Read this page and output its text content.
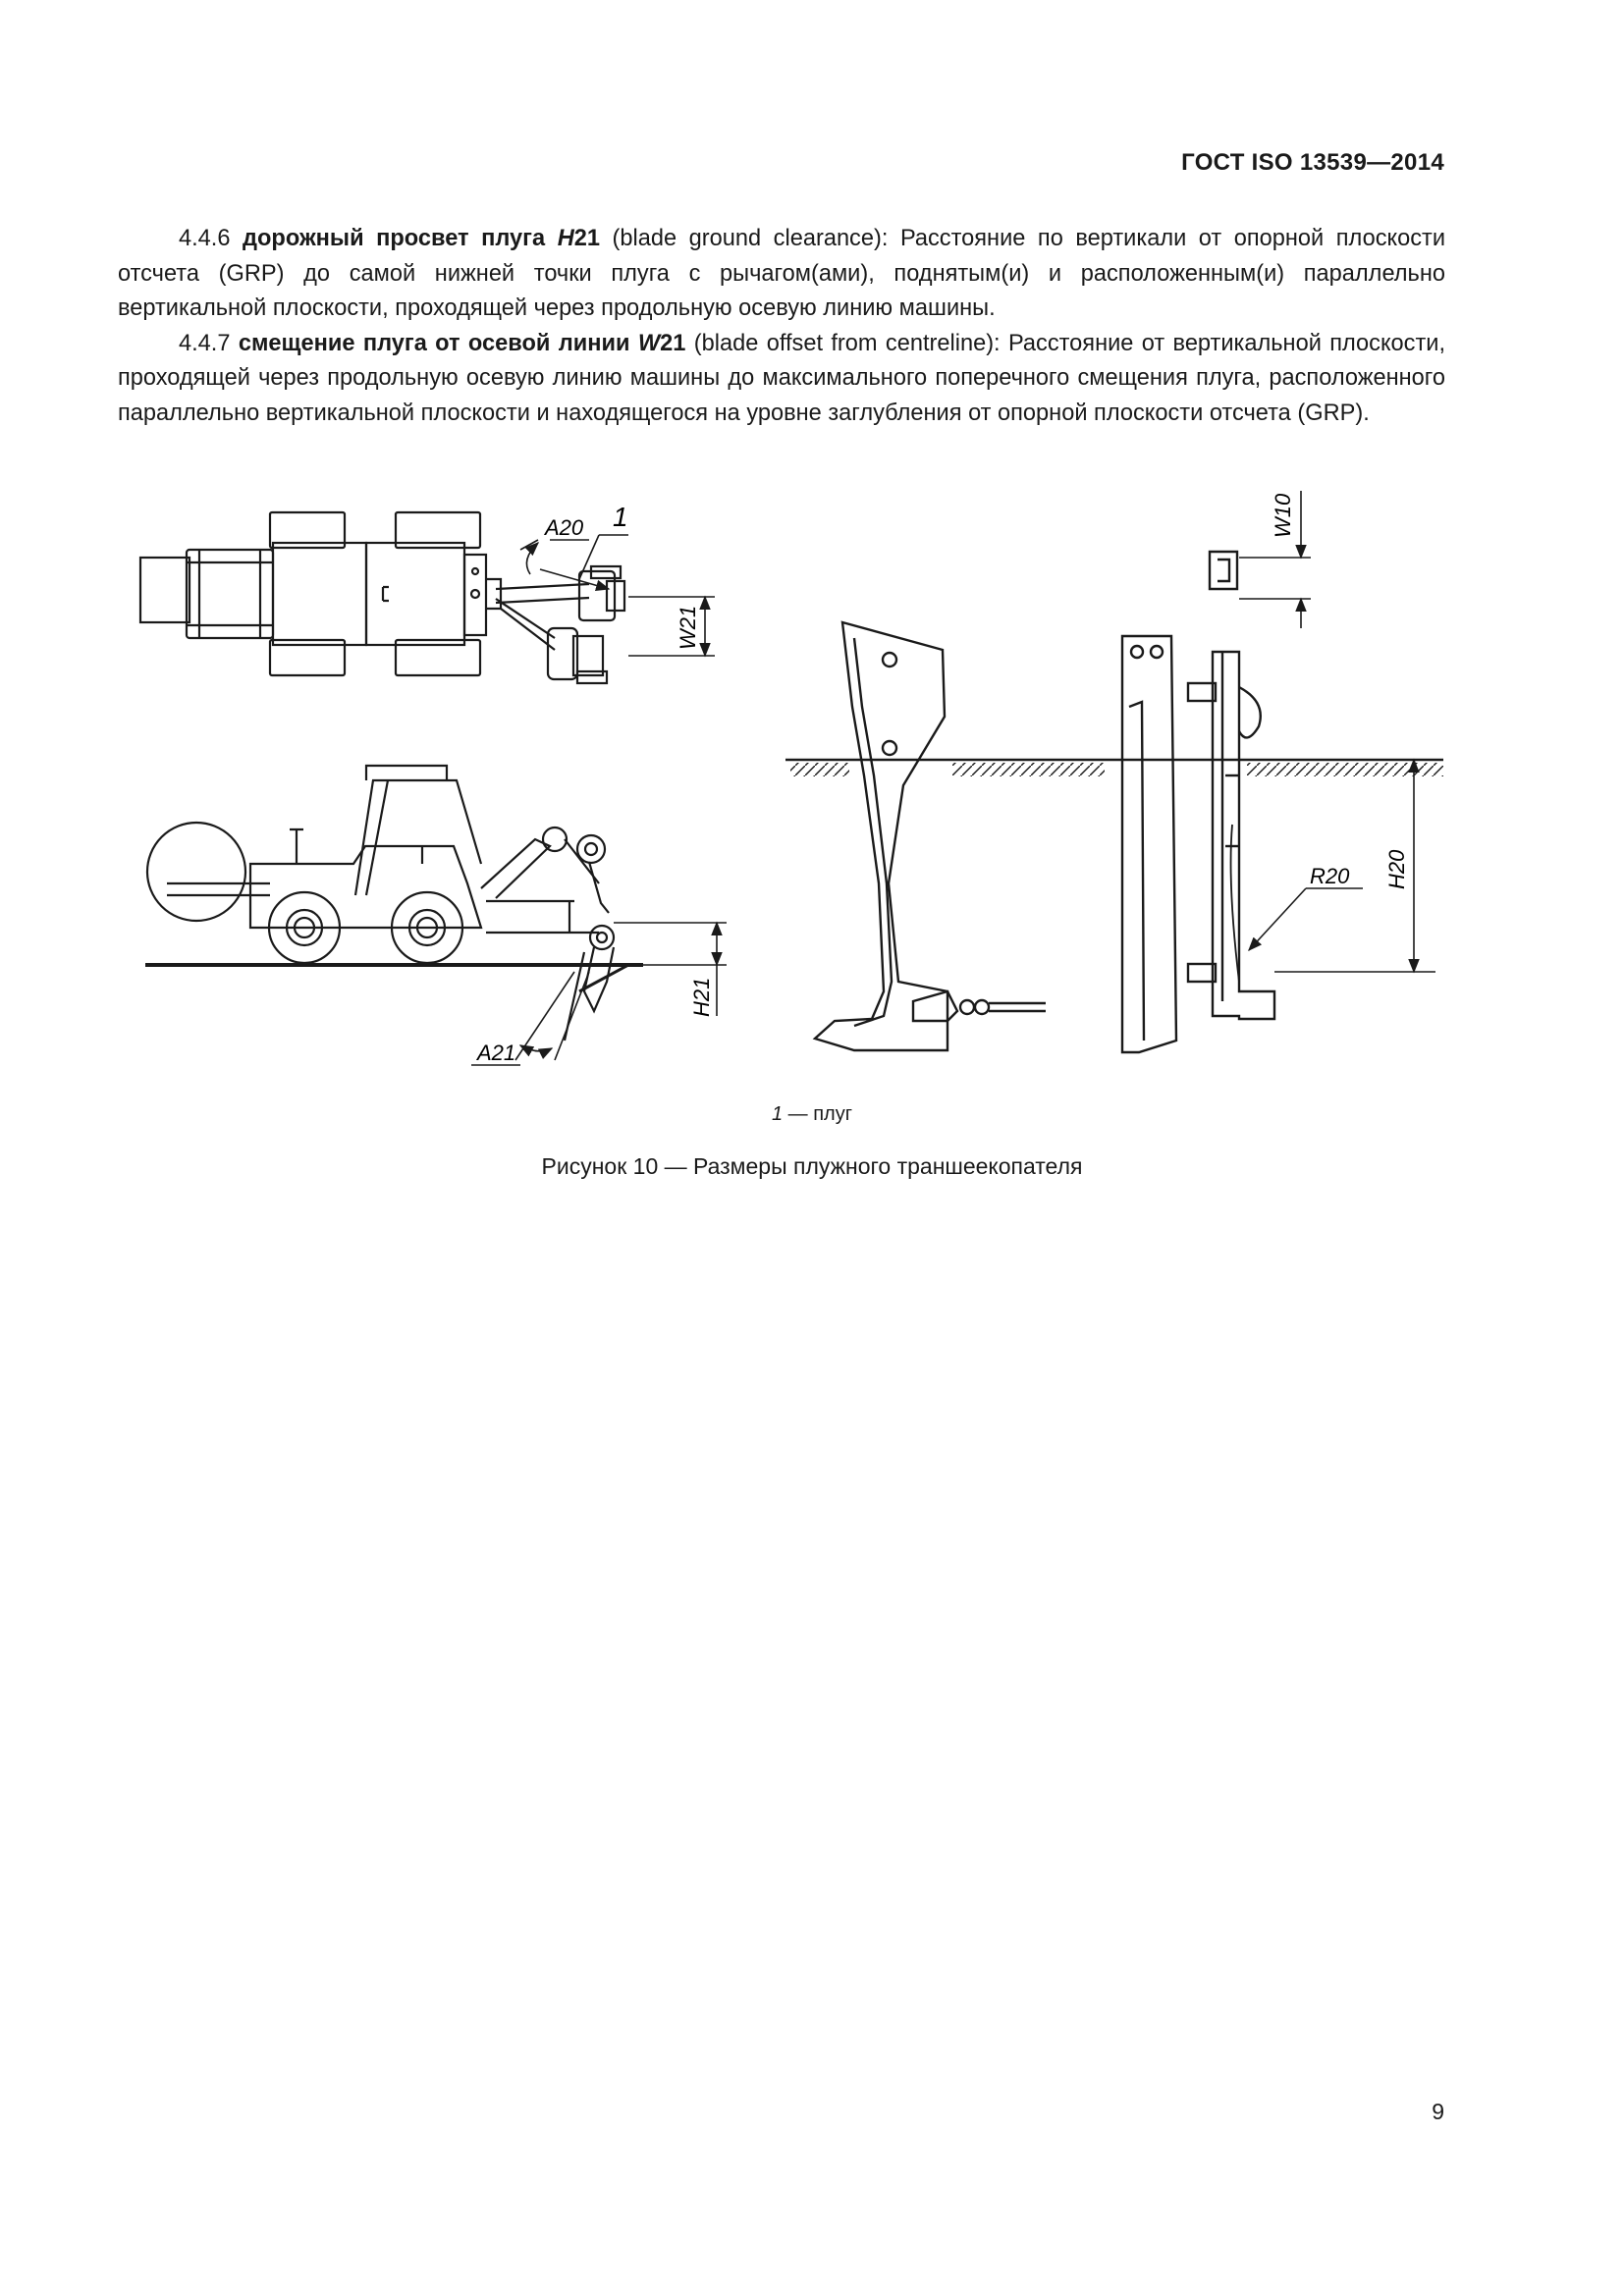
ГОСТ ISO 13539—2014

4.4.6 дорожный просвет плуга H21 (blade ground clearance): Расстояние по вертикали от опорной плоскости отсчета (GRP) до самой нижней точки плуга с рычагом(ами), поднятым(и) и расположенным(и) параллельно вертикальной плоскости, проходящей через продольную осевую линию машины.

4.4.7 смещение плуга от осевой линии W21 (blade offset from centreline): Расстояние от вертикальной плоскости, проходящей через продольную осевую линию машины до максимального поперечного смещения плуга, расположенного параллельно вертикальной плоскости и находящегося на уровне заглубления от опорной плоскости отсчета (GRP).

W21
A20 1
H21
A21
W10
H20
R20
1 — плуг
Рисунок 10 — Размеры плужного траншеекопателя
9
